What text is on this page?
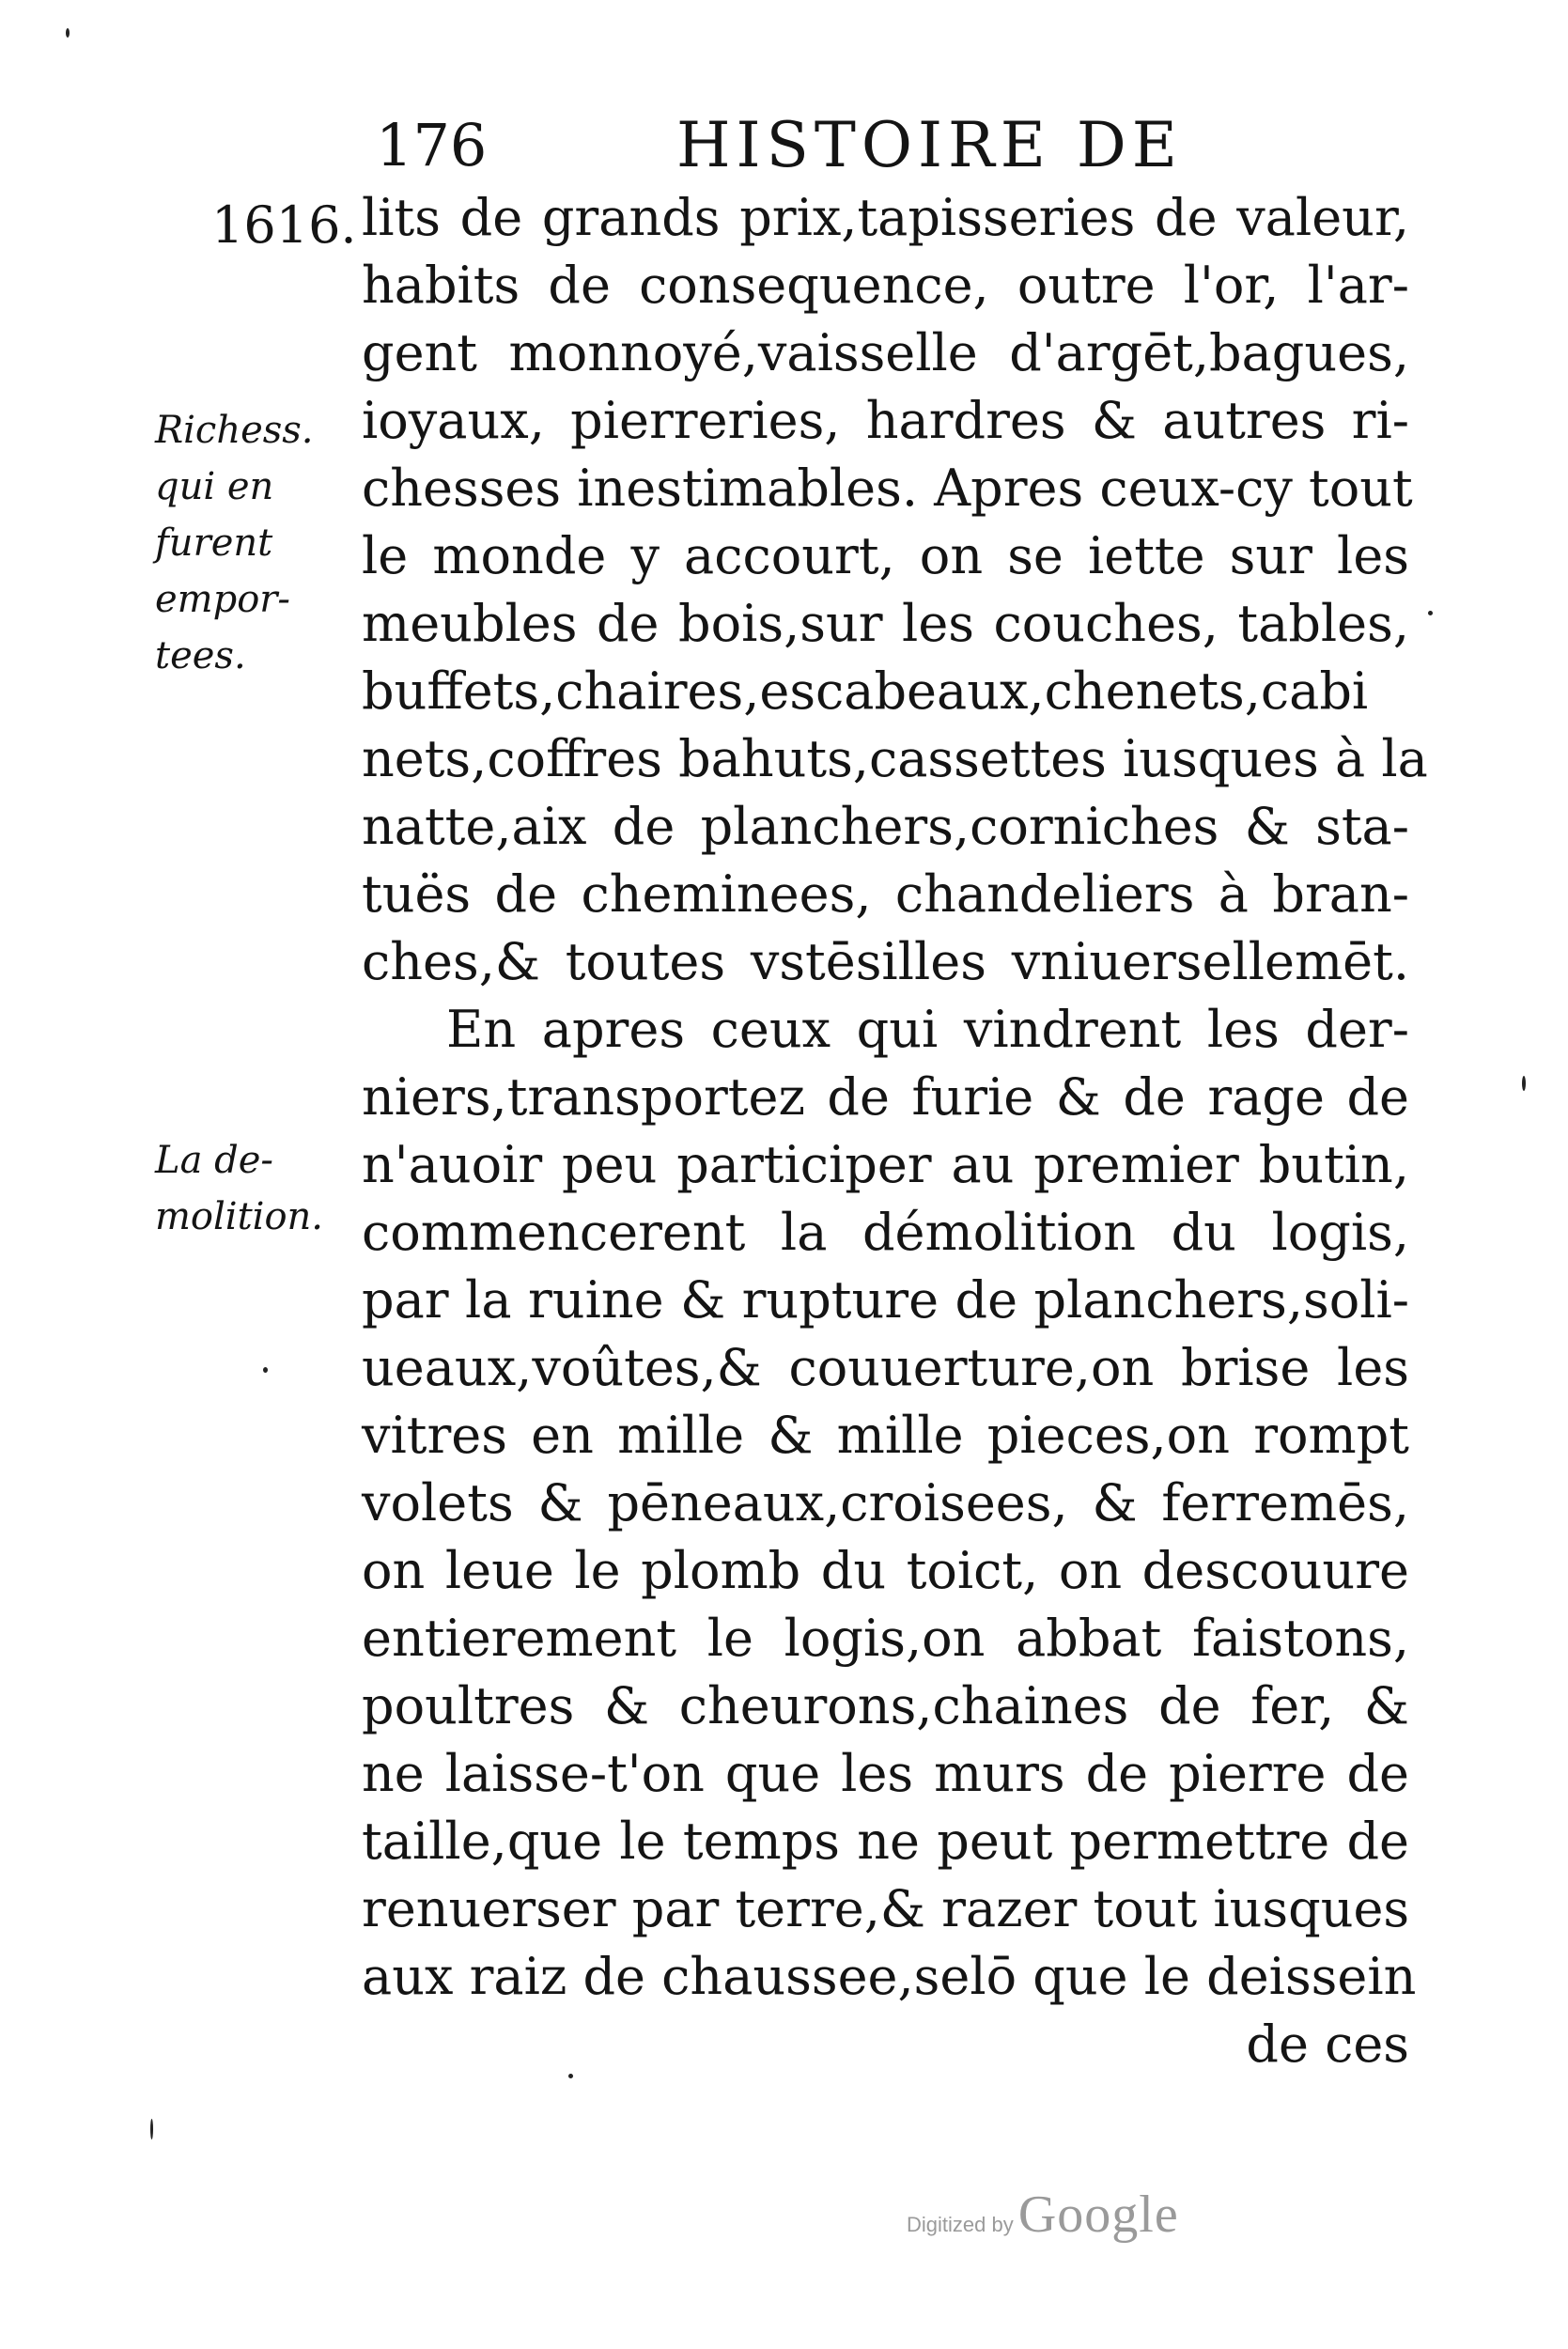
176	HISTOIRE DE
1616.
Richess.
qui en
furent
empor-
tees.
La de-
molition.
lits de grands prix,tapisseries de valeur,
habits de consequence, outre l'or, l'ar-
gent monnoyé,vaisselle d'argēt,bagues,
ioyaux, pierreries, hardres & autres ri-
chesses inestimables. Apres ceux-cy tout
le monde y accourt, on se iette sur les
meubles de bois,sur les couches, tables,
buffets,chaires,escabeaux,chenets,cabi
nets,coffres bahuts,cassettes iusques à la
natte,aix de planchers,corniches & sta-
tuës de cheminees, chandeliers à bran-
ches,& toutes vstēsilles vniuersellemēt.
En apres ceux qui vindrent les der-
niers,transportez de furie & de rage de
n'auoir peu participer au premier butin,
commencerent la démolition du logis,
par la ruine & rupture de planchers,soli-
ueaux,voûtes,& couuerture,on brise les
vitres en mille & mille pieces,on rompt
volets & pēneaux,croisees, & ferremēs,
on leue le plomb du toict, on descouure
entierement le logis,on abbat faistons,
poultres & cheurons,chaines de fer, &
ne laisse-t'on que les murs de pierre de
taille,que le temps ne peut permettre de
renuerser par terre,& razer tout iusques
aux raiz de chaussee,selō que le deissein
de ces
Digitized by Google
